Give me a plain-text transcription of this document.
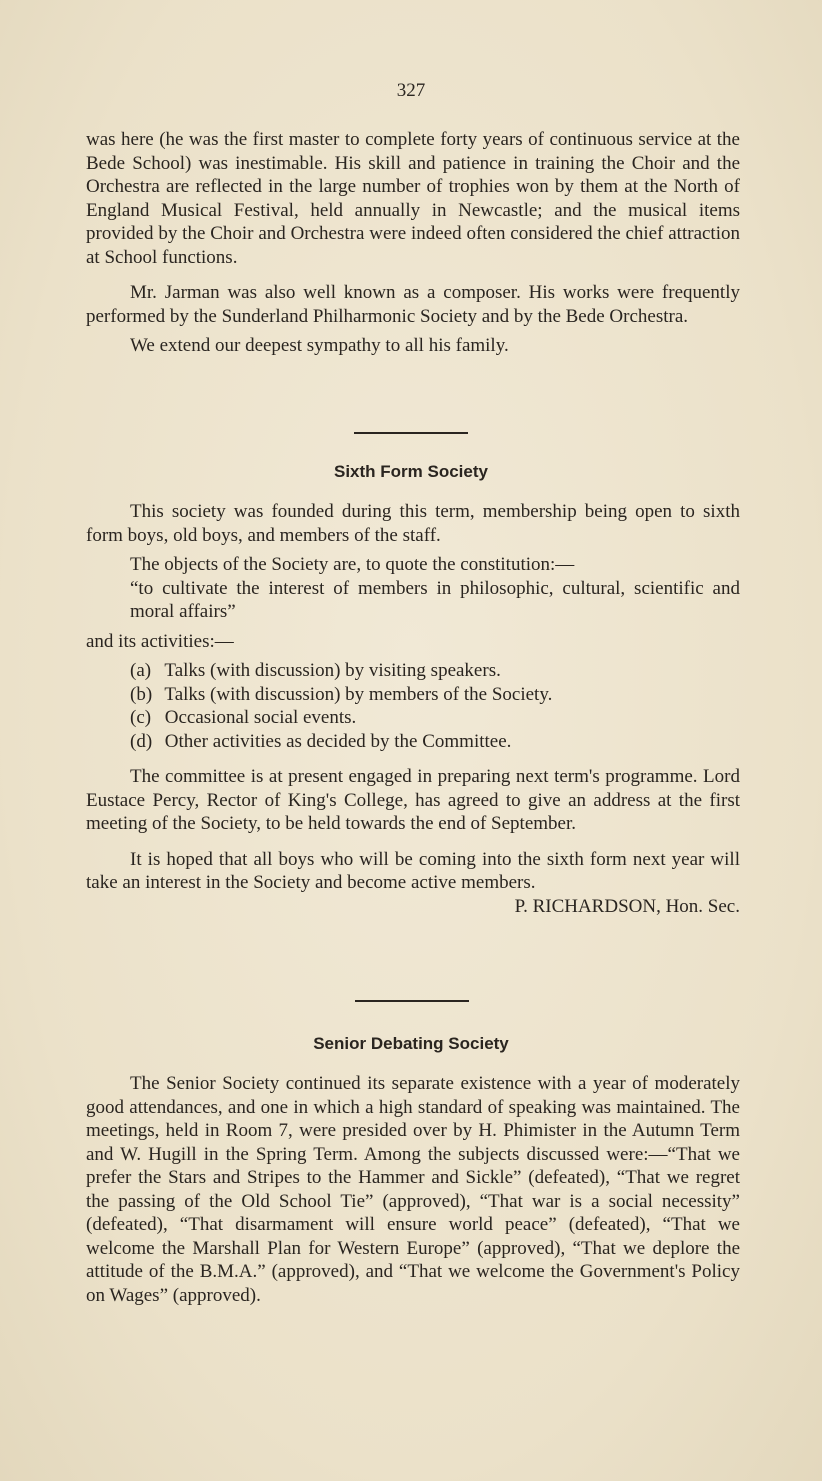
327

was here (he was the first master to complete forty years of continuous service at the Bede School) was inestimable. His skill and patience in training the Choir and the Orchestra are reflected in the large number of trophies won by them at the North of England Musical Festival, held annually in Newcastle; and the musical items provided by the Choir and Orchestra were indeed often considered the chief attraction at School functions.

Mr. Jarman was also well known as a composer. His works were frequently performed by the Sunderland Philharmonic Society and by the Bede Orchestra.

We extend our deepest sympathy to all his family.

Sixth Form Society

This society was founded during this term, membership being open to sixth form boys, old boys, and members of the staff.

The objects of the Society are, to quote the constitution:—

“to cultivate the interest of members in philosophic, cultural, scientific and moral affairs”

and its activities:—

(a) Talks (with discussion) by visiting speakers.
(b) Talks (with discussion) by members of the Society.
(c) Occasional social events.
(d) Other activities as decided by the Committee.

The committee is at present engaged in preparing next term's programme. Lord Eustace Percy, Rector of King's College, has agreed to give an address at the first meeting of the Society, to be held towards the end of September.

It is hoped that all boys who will be coming into the sixth form next year will take an interest in the Society and become active members.

P. RICHARDSON, Hon. Sec.

Senior Debating Society

The Senior Society continued its separate existence with a year of moderately good attendances, and one in which a high standard of speaking was maintained. The meetings, held in Room 7, were presided over by H. Phimister in the Autumn Term and W. Hugill in the Spring Term. Among the subjects discussed were:—“That we prefer the Stars and Stripes to the Hammer and Sickle” (defeated), “That we regret the passing of the Old School Tie” (approved), “That war is a social necessity” (defeated), “That disarmament will ensure world peace” (defeated), “That we welcome the Marshall Plan for Western Europe” (approved), “That we deplore the attitude of the B.M.A.” (approved), and “That we welcome the Government's Policy on Wages” (approved).
